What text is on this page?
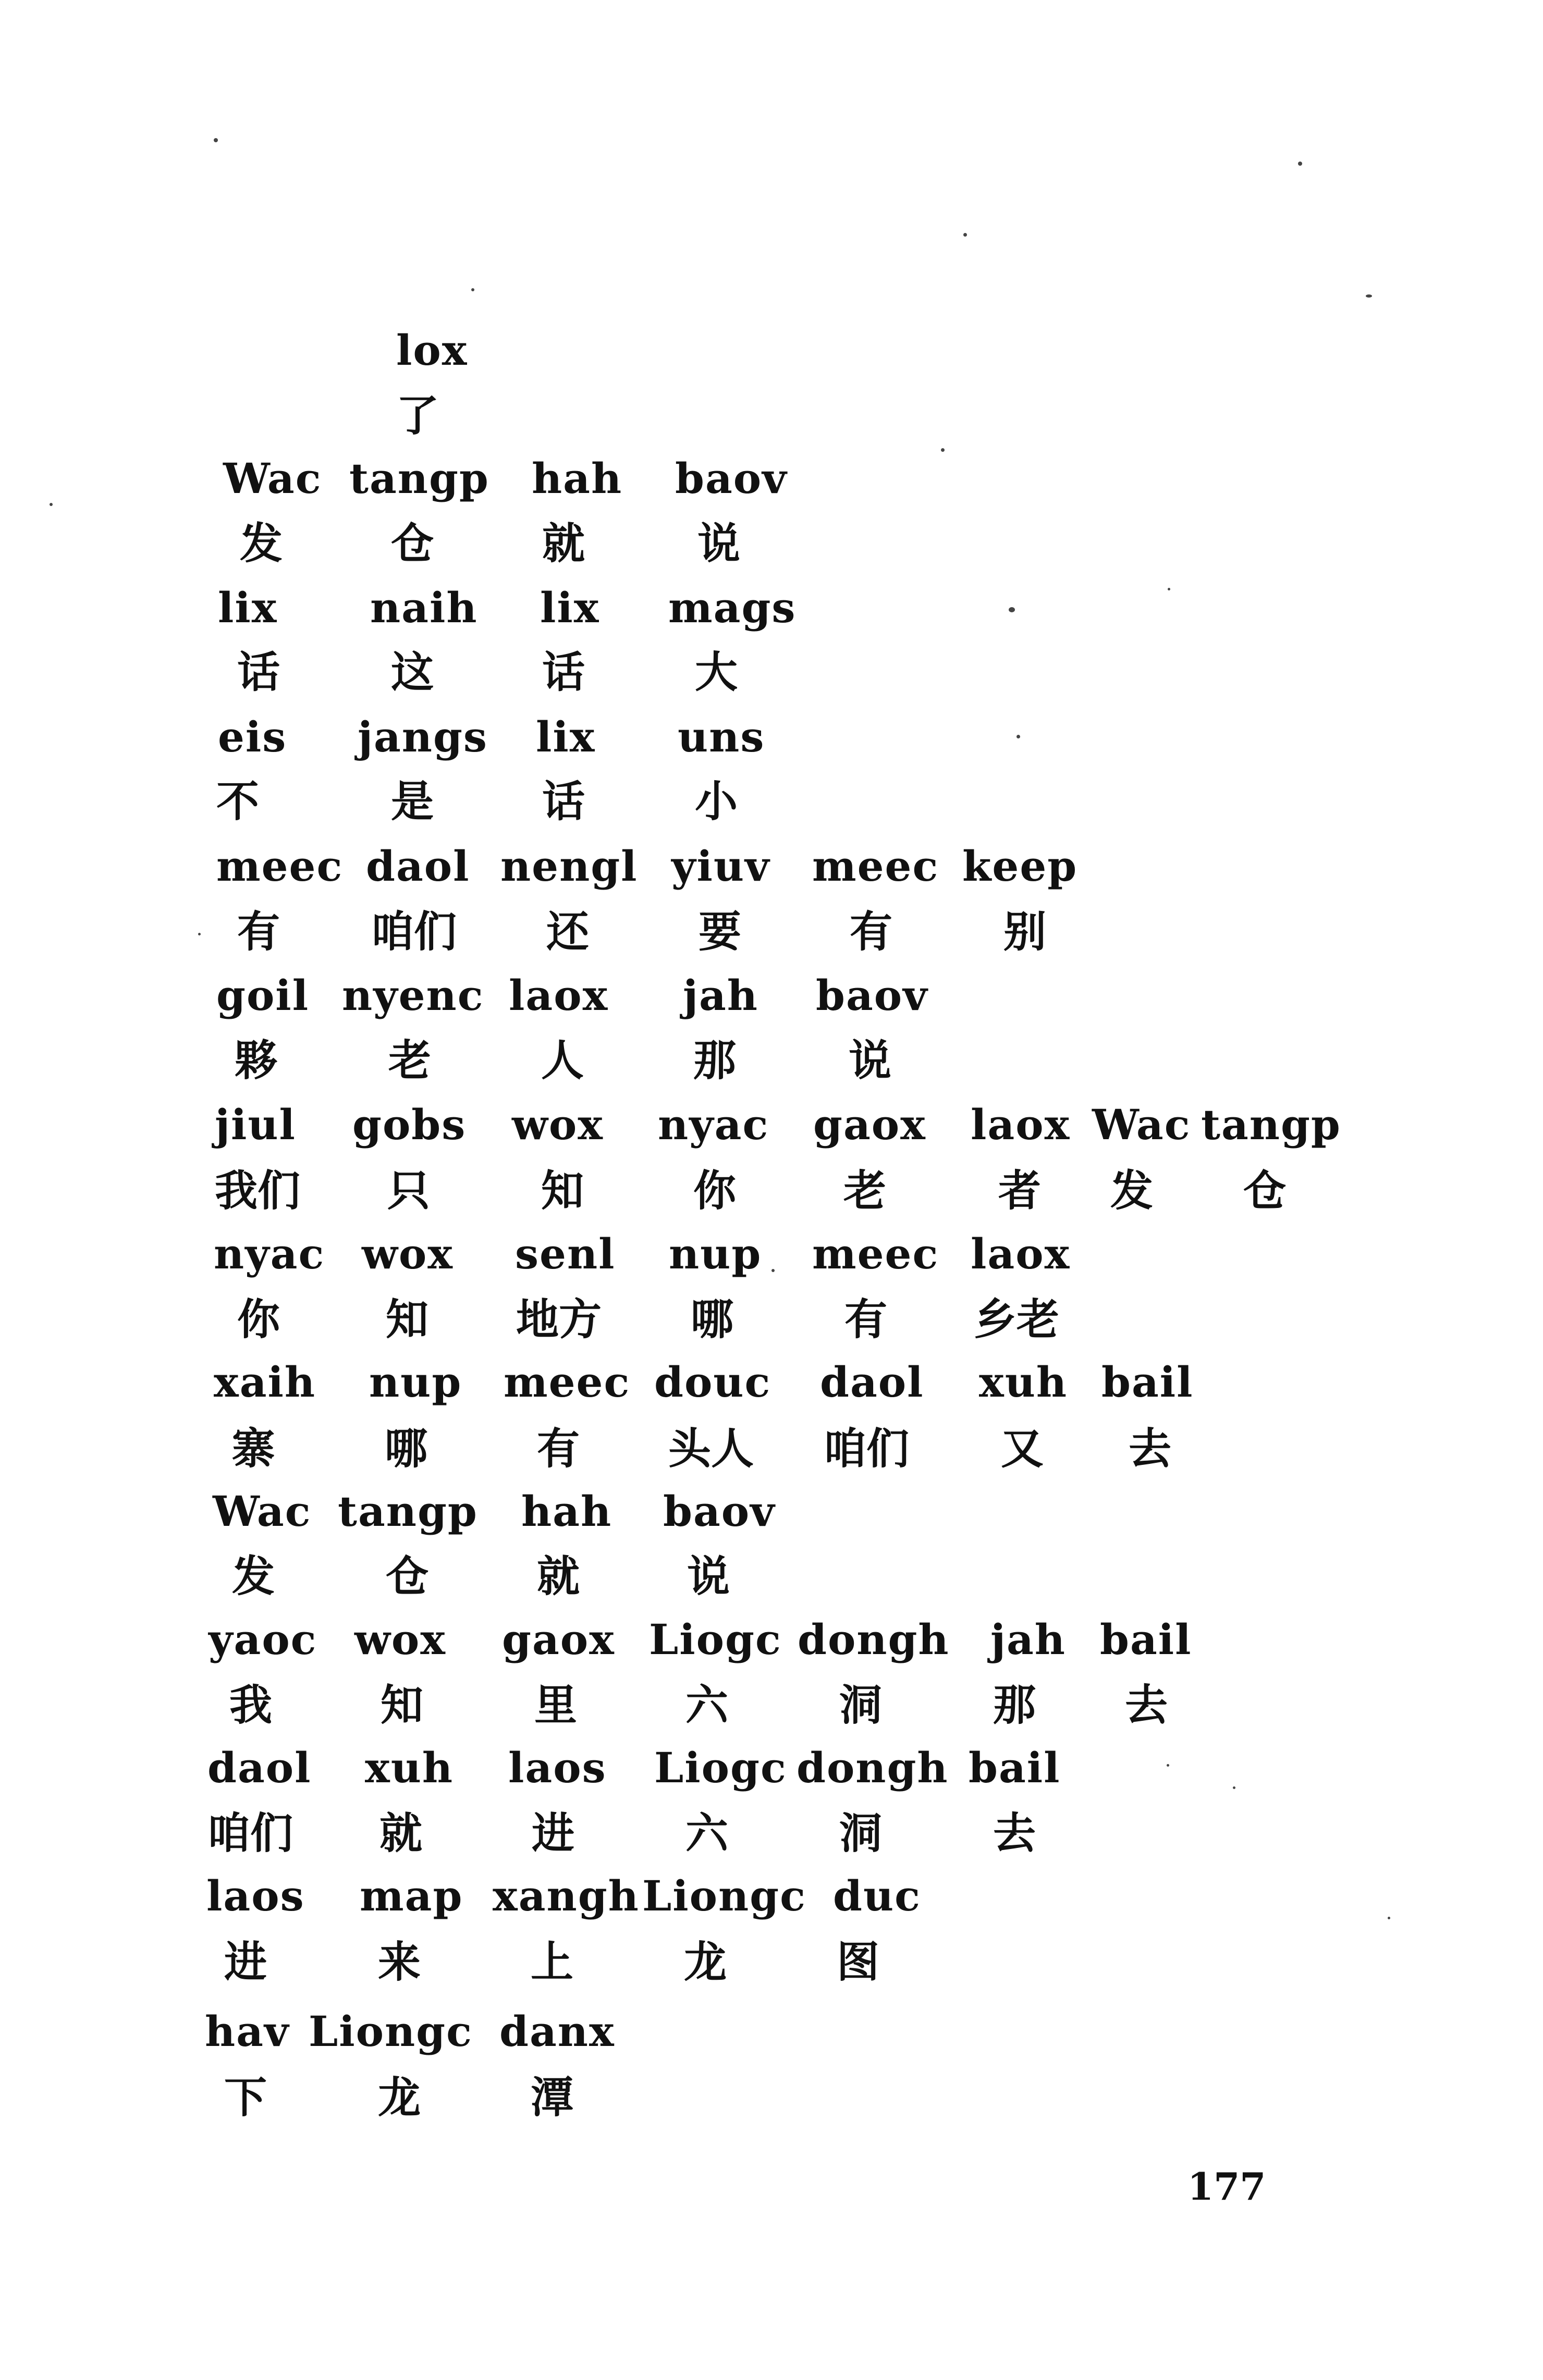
lox
了
Wac tangp hah baov
发	仓	就	说
lix naih lix mags
话	这	话	大
eis jangs lix uns
不	是	话	小
meec daol nengl yiuv meec keep
有 咱们 还	要	有	别
goil nyenc laox jah baov
夥	老	人	那	说
jiul gobs wox nyac gaox laox Wac tangp
我们 只	知	你	老	者 发 仓
nyac wox senl nup meec laox
你 知 地方 哪	有 乡老
xaih nup meec douc daol xuh bail
寨	哪	有 头人 咱们 又 去
Wac tangp hah baov
发	仓	就	说
yaoc wox gaox Liogc dongh jah bail
我	知	里	六	洞	那 去
daol xuh laos Liogc dongh bail
咱们 就	进	六	洞	去
laos map xangh Liongc duc
进	来	上	龙	图
hav Liongc danx
下	龙	潭
177
